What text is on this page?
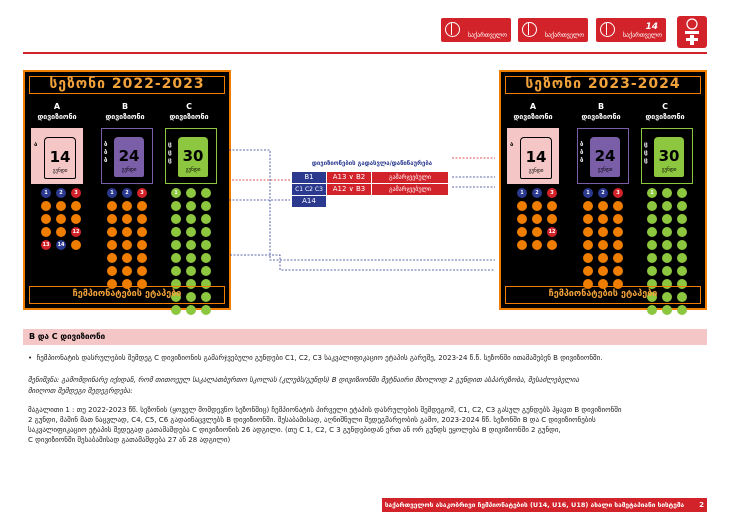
საქართველო	საქართველო
14
საქართველო
სეზონი 2022-2023
A
დივიზიონი
B
დივიზიონი
C
დივიზიონი
ა
14
გუნდი
ბ ბ ბ 24
გუნდი
ც ც ც 30
გუნდი
1	2	3
12
13	14
1	2	3	1
ჩემპიონატების ეტაპები
სეზონი 2023-2024
A
დივიზიონი
B
დივიზიონი
C
დივიზიონი
ა
14
გუნდი
ბ ბ ბ 24
გუნდი
ც ც ც 30
გუნდი
1	2	3
12
1	2	3	1
ჩემპიონატების ეტაპები
დივიზიონების გადასვლა/დაწინაურება
B1	A13 ∨ B2	გამარჯვებული
C1 C2 C3	A12 ∨ B3	გამარჯვებული
A14
B და C დივიზიონი
•  ჩემპიონატის დასრულების შემდეგ C დივიზიონის გამარჯვებული გუნდები C1, C2, C3 საკვალიფიკაციო ეტაპის გარეშე, 2023-24 წ.წ. სეზონში ითამაშებენ B დივიზიონში.
შენიშვნა: გამომდინარე იქიდან, რომ თითოეულ საკალათბურთო სკოლას (კლუბს/გუნდს) B დივიზიონში მეტნაირი მხოლოდ 2 გუნდით ასპარეზობა, შესაძლებელია
მიიღოთ შემდეგი შედეგრდება:
მაგალითი 1 : თუ 2022-2023 წწ. სეზონის (ყოველ მომდევნო სეზონშიც) ჩემპიონატის პირველი ეტაპის დასრულების შემდეგომ, C1, C2, C3 გასულ გუნდებს ჰყავთ B დივიზიონში
2 გუნდი, მაშინ მათ ნაცვლად, C4, C5, C6 გადაინაცვლებს B დივიზიონში. შესაბამისად, აღნიშნული შედეგმარეობის გამო, 2023-2024 წწ. სეზონში B და C დივიზიონების
საკვალიფიკაციო ეტაპის შედეგად გათამაშდება C დივიზიონის 26 ადგილი. (თუ C 1, C2, C 3 გუნდებიდან ერთ ან ორ გუნდს ეყოლება B დივიზიონში 2 გუნდი,
C დივიზიონში შესაბამისად გათამაშდება 27 ან 28 ადგილი)
საქართველოს ასაკობრივი ჩემპიონატების (U14, U16, U18) ახალი სამეტაპიანი სისტემა	2
